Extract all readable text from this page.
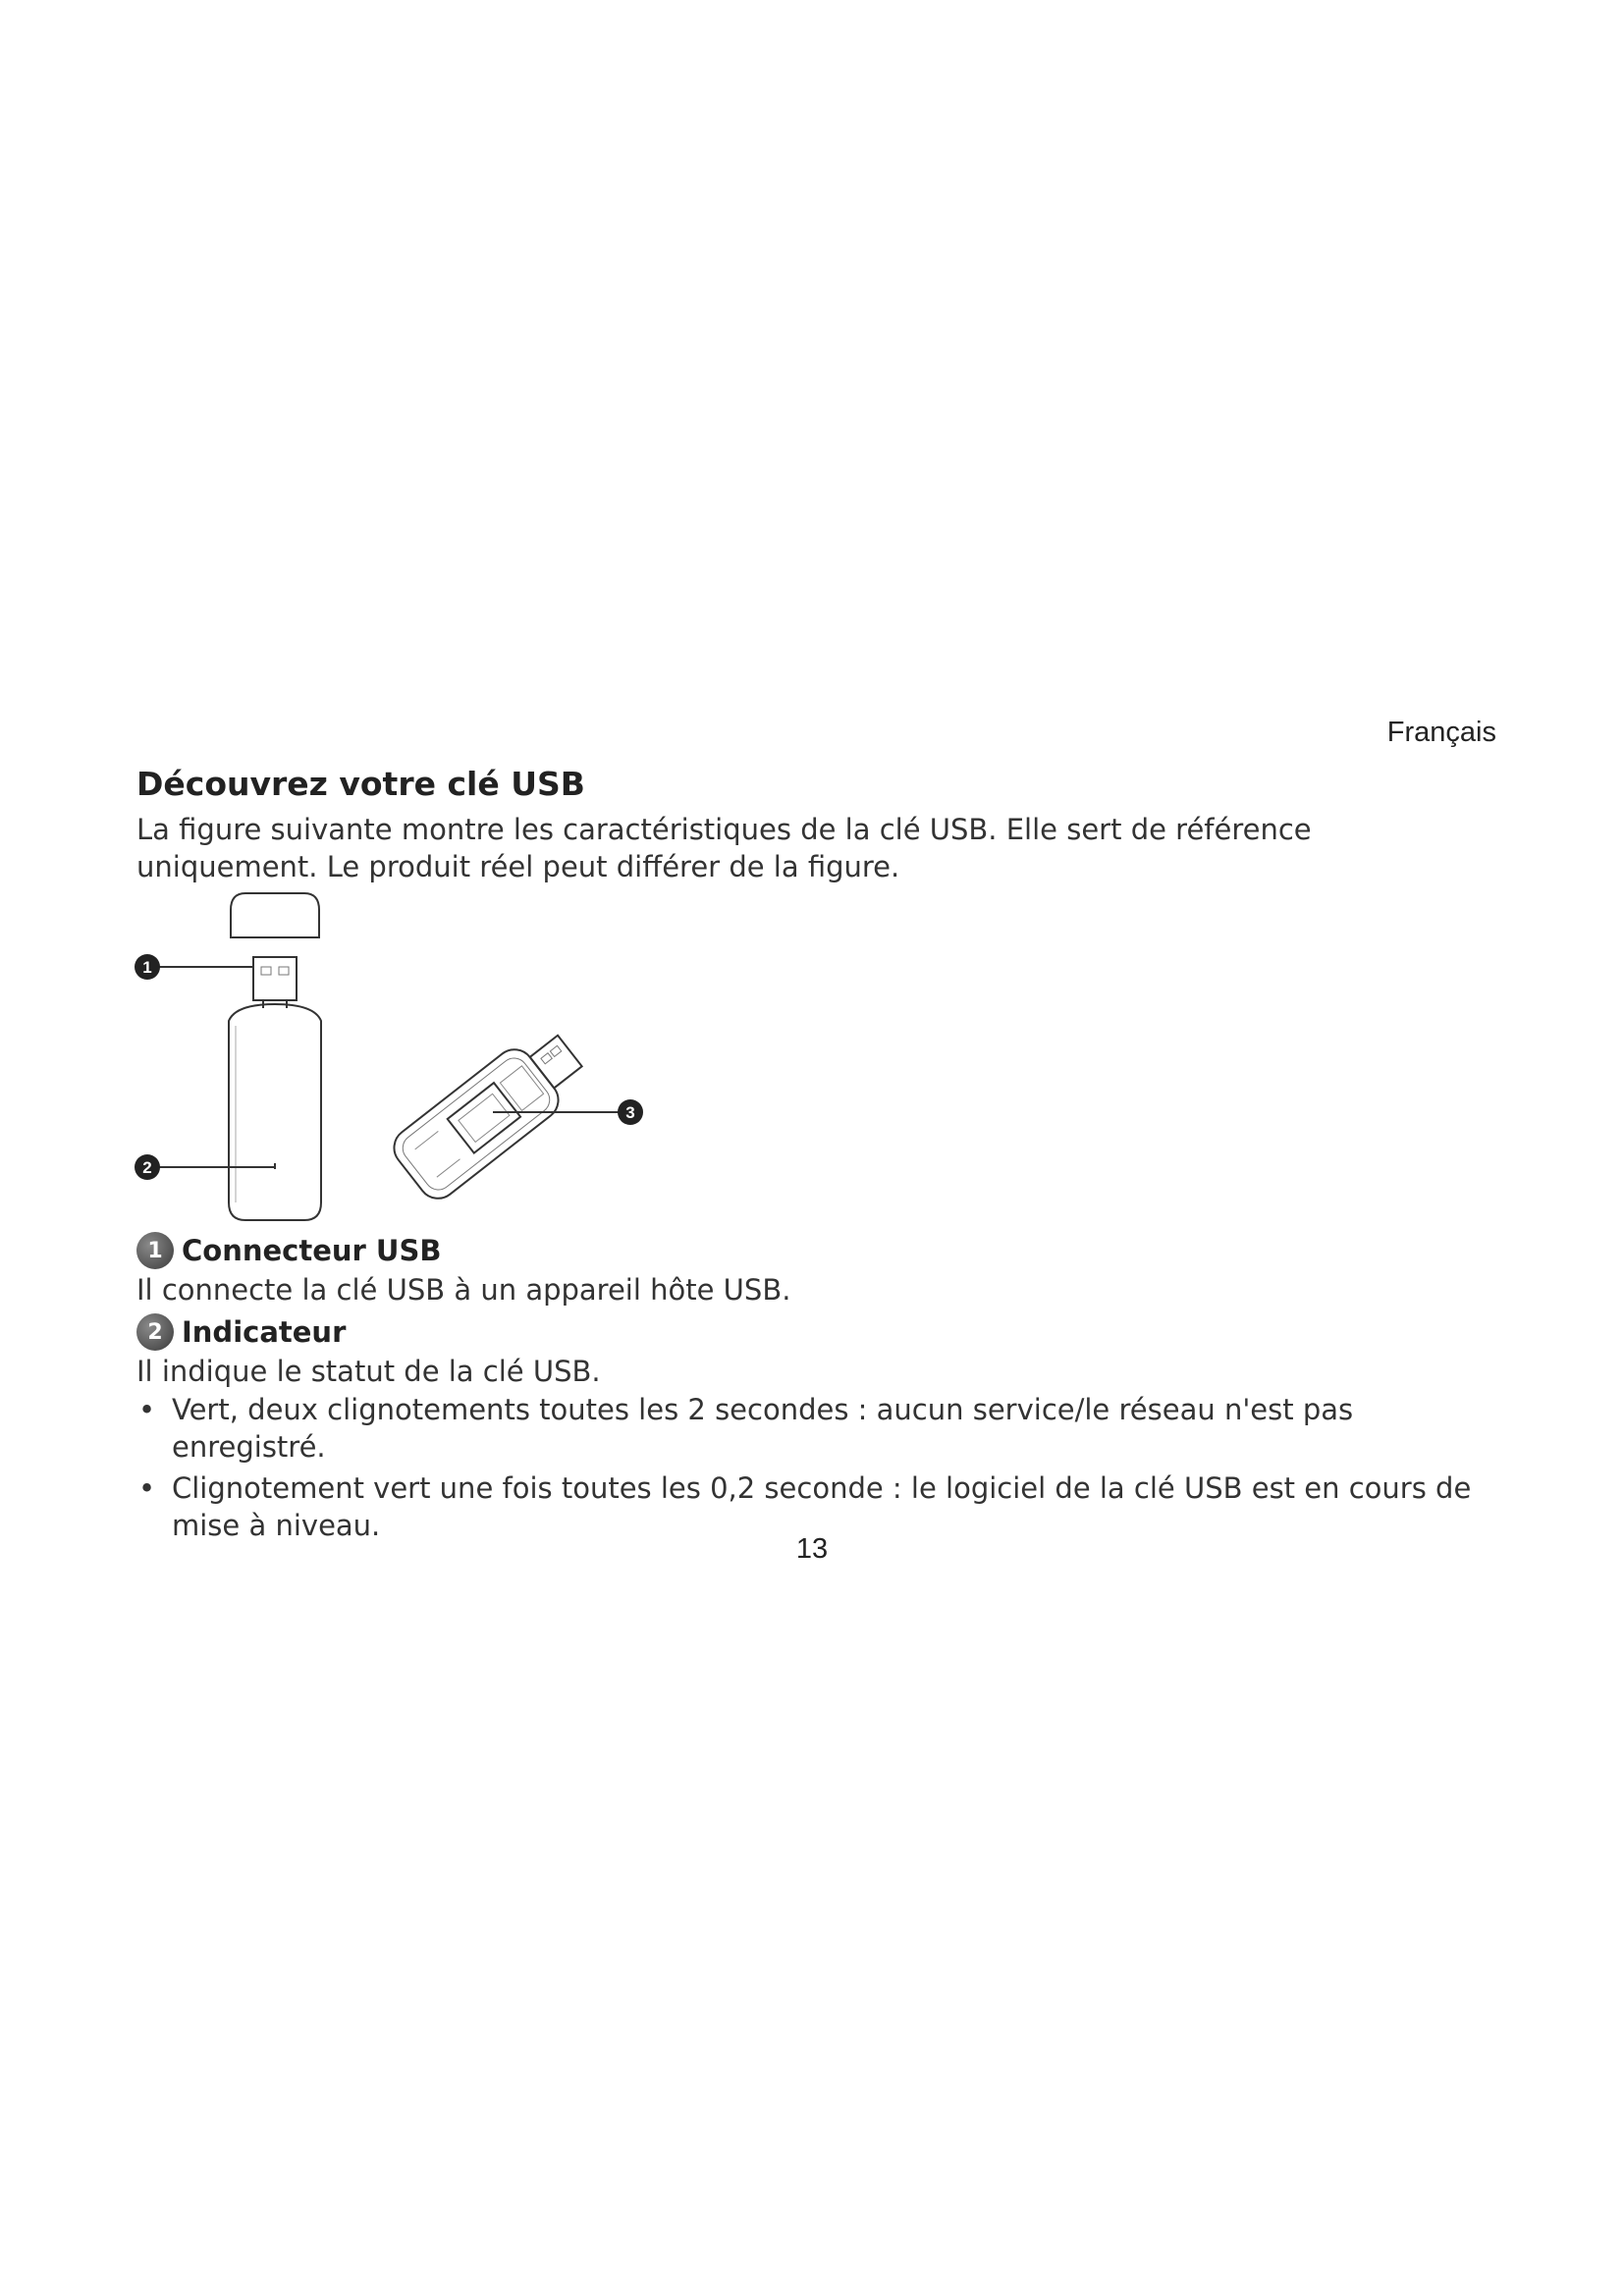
Français
Découvrez votre clé USB

La figure suivante montre les caractéristiques de la clé USB. Elle sert de référence uniquement. Le produit réel peut différer de la figure.

1
2
3
1 Connecteur USB

Il connecte la clé USB à un appareil hôte USB.

2 Indicateur

Il indique le statut de la clé USB.

• Vert, deux clignotements toutes les 2 secondes : aucun service/le réseau n'est pas enregistré.
• Clignotement vert une fois toutes les 0,2 seconde : le logiciel de la clé USB est en cours de mise à niveau.
13
